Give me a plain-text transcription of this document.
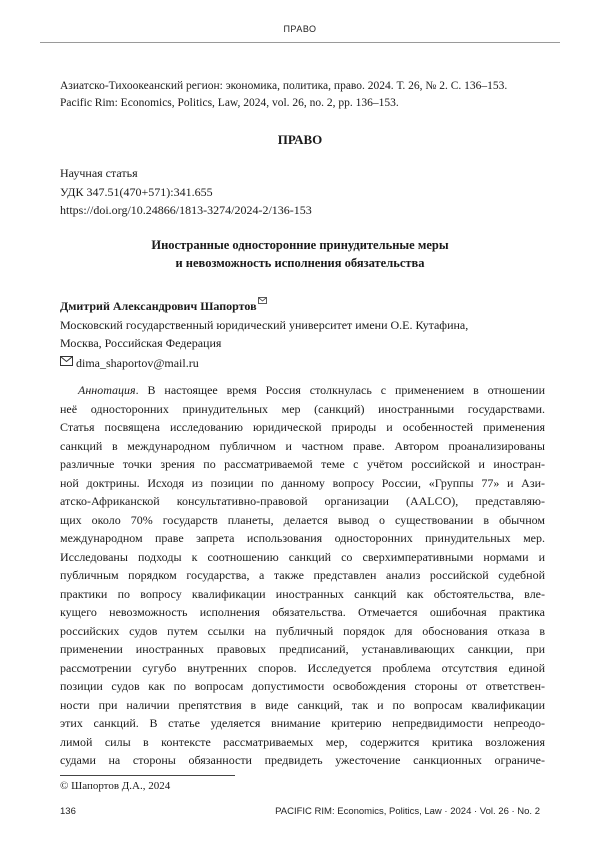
ПРАВО
Азиатско-Тихоокеанский регион: экономика, политика, право. 2024. Т. 26, № 2. С. 136–153.
Pacific Rim: Economics, Politics, Law, 2024, vol. 26, no. 2, pp. 136–153.
ПРАВО
Научная статья
УДК 347.51(470+571):341.655
https://doi.org/10.24866/1813-3274/2024-2/136-153
Иностранные односторонние принудительные меры
и невозможность исполнения обязательства
Дмитрий Александрович Шапортов
Московский государственный юридический университет имени О.Е. Кутафина,
Москва, Российская Федерация
dima_shaportov@mail.ru
Аннотация. В настоящее время Россия столкнулась с применением в отношении
неё односторонних принудительных мер (санкций) иностранными государствами.
Статья посвящена исследованию юридической природы и особенностей применения
санкций в международном публичном и частном праве. Автором проанализированы
различные точки зрения по рассматриваемой теме с учётом российской и иностран-
ной доктрины. Исходя из позиции по данному вопросу России, «Группы 77» и Ази-
атско-Африканской консультативно-правовой организации (AALCO), представляю-
щих около 70% государств планеты, делается вывод о существовании в обычном
международном праве запрета использования односторонних принудительных мер.
Исследованы подходы к соотношению санкций со сверхимперативными нормами и
публичным порядком государства, а также представлен анализ российской судебной
практики по вопросу квалификации иностранных санкций как обстоятельства, вле-
кущего невозможность исполнения обязательства. Отмечается ошибочная практика
российских судов путем ссылки на публичный порядок для обоснования отказа в
применении иностранных правовых предписаний, устанавливающих санкции, при
рассмотрении сугубо внутренних споров. Исследуется проблема отсутствия единой
позиции судов как по вопросам допустимости освобождения стороны от ответствен-
ности при наличии препятствия в виде санкций, так и по вопросам квалификации
этих санкций. В статье уделяется внимание критерию непредвидимости непреодо-
лимой силы в контексте рассматриваемых мер, содержится критика возложения
судами на стороны обязанности предвидеть ужесточение санкционных ограниче-
© Шапортов Д.А., 2024
136	PACIFIC RIM: Economics, Politics, Law · 2024 · Vol. 26 · No. 2
